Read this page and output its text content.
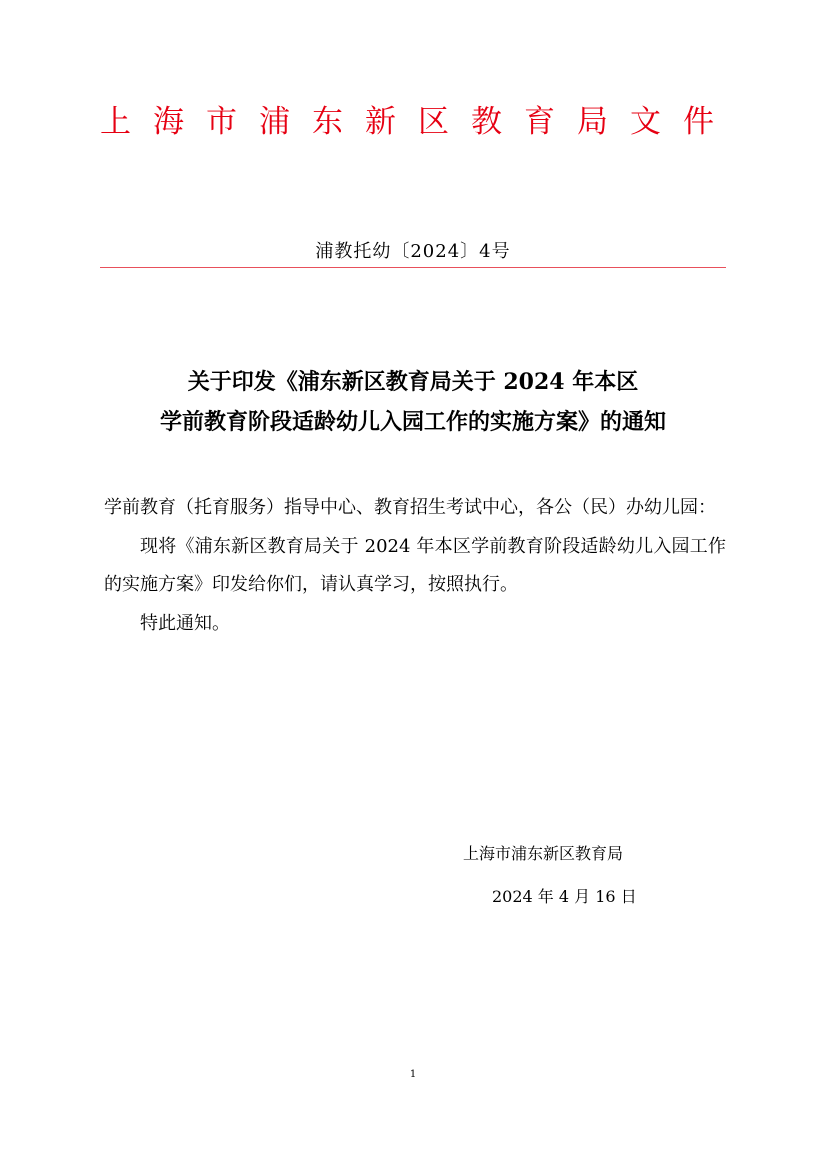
上海市浦东新区教育局文件
浦教托幼〔2024〕4号
关于印发《浦东新区教育局关于 2024 年本区
学前教育阶段适龄幼儿入园工作的实施方案》的通知

学前教育（托育服务）指导中心、教育招生考试中心，各公（民）办幼儿园：

现将《浦东新区教育局关于 2024 年本区学前教育阶段适龄幼儿入园工作的实施方案》印发给你们，请认真学习，按照执行。

特此通知。

上海市浦东新区教育局
2024 年 4 月 16 日
1
